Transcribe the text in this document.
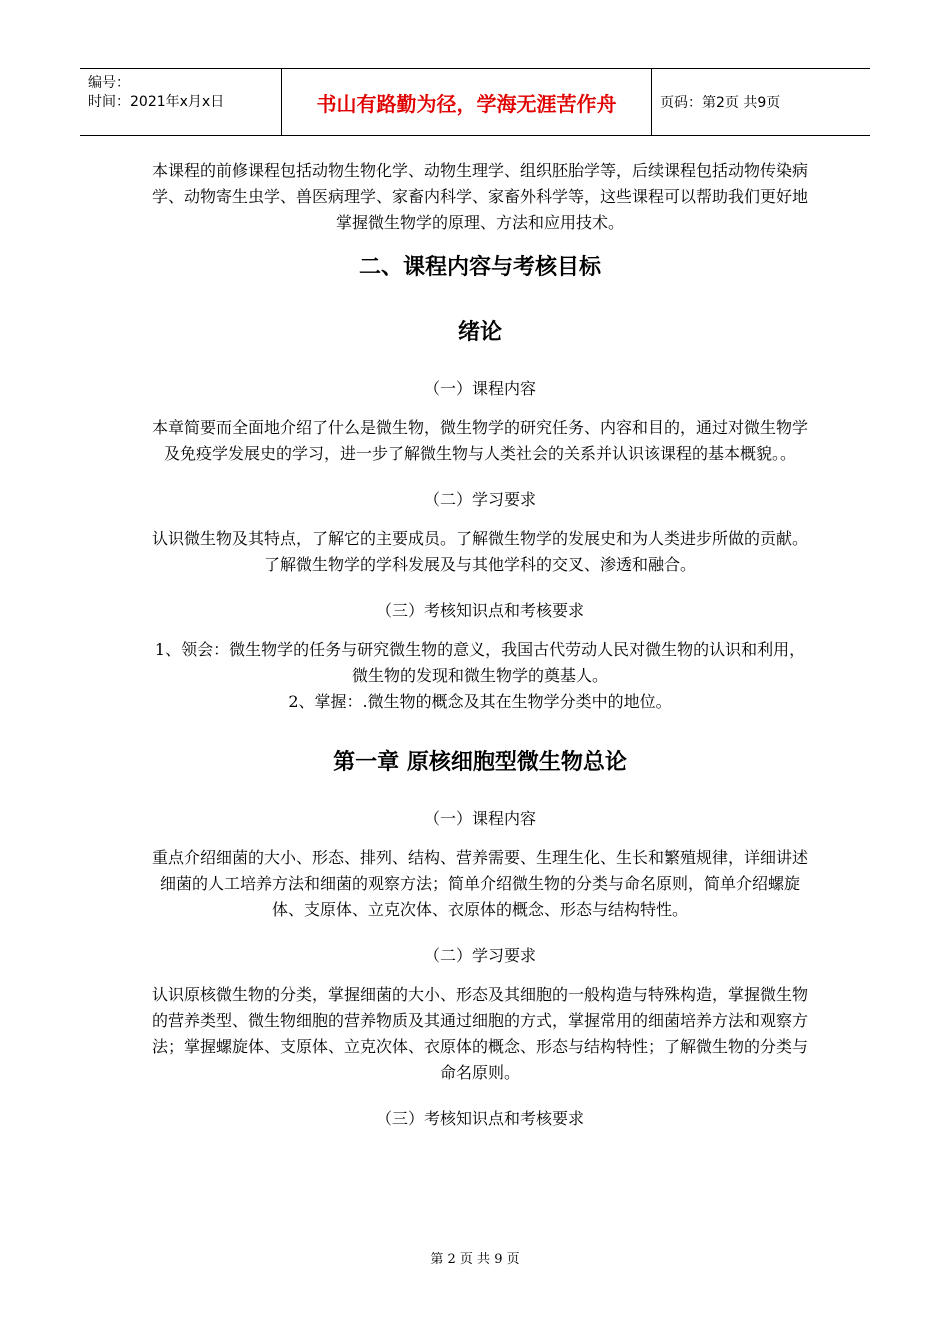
编号：
时间：2021年x月x日	书山有路勤为径，学海无涯苦作舟	页码：第2页 共9页

本课程的前修课程包括动物生物化学、动物生理学、组织胚胎学等，后续课程包括动物传染病学、动物寄生虫学、兽医病理学、家畜内科学、家畜外科学等，这些课程可以帮助我们更好地掌握微生物学的原理、方法和应用技术。

二、课程内容与考核目标
绪论
（一）课程内容

本章简要而全面地介绍了什么是微生物，微生物学的研究任务、内容和目的，通过对微生物学及免疫学发展史的学习，进一步了解微生物与人类社会的关系并认识该课程的基本概貌。。

（二）学习要求

认识微生物及其特点，了解它的主要成员。了解微生物学的发展史和为人类进步所做的贡献。了解微生物学的学科发展及与其他学科的交叉、渗透和融合。

（三）考核知识点和考核要求

1、领会：微生物学的任务与研究微生物的意义，我国古代劳动人民对微生物的认识和利用，微生物的发现和微生物学的奠基人。

2、掌握：.微生物的概念及其在生物学分类中的地位。

第一章 原核细胞型微生物总论
（一）课程内容

重点介绍细菌的大小、形态、排列、结构、营养需要、生理生化、生长和繁殖规律，详细讲述细菌的人工培养方法和细菌的观察方法；简单介绍微生物的分类与命名原则，简单介绍螺旋体、支原体、立克次体、衣原体的概念、形态与结构特性。

（二）学习要求

认识原核微生物的分类，掌握细菌的大小、形态及其细胞的一般构造与特殊构造，掌握微生物的营养类型、微生物细胞的营养物质及其通过细胞的方式，掌握常用的细菌培养方法和观察方法；掌握螺旋体、支原体、立克次体、衣原体的概念、形态与结构特性；了解微生物的分类与命名原则。

（三）考核知识点和考核要求
第 2 页 共 9 页
